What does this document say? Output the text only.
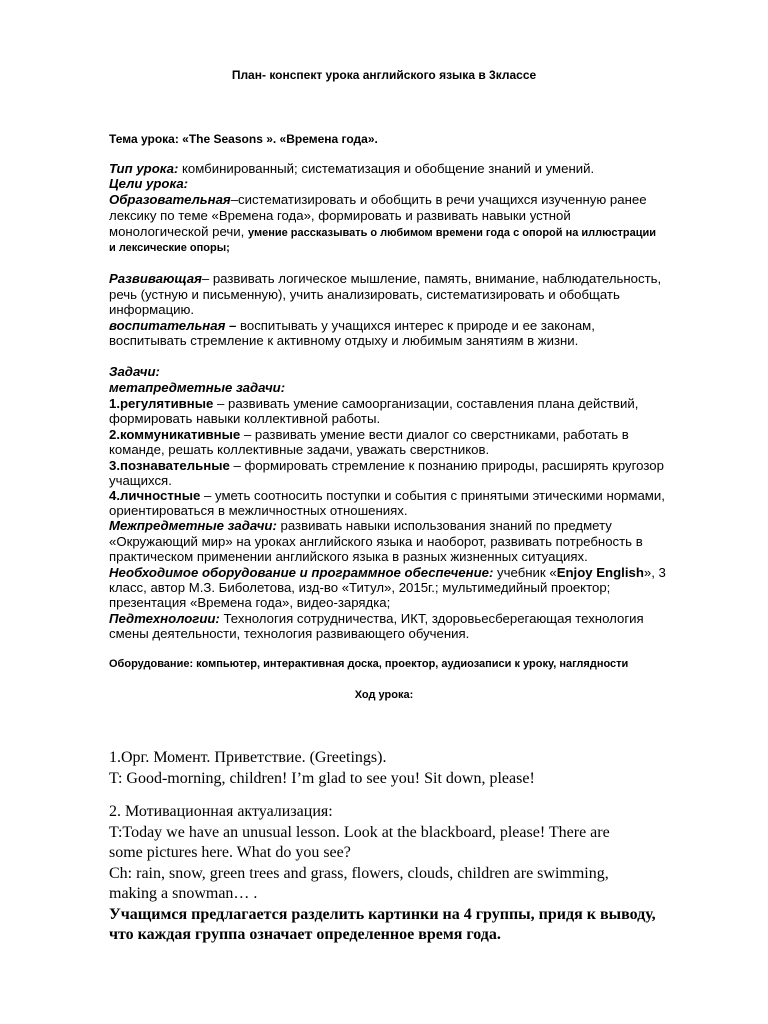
План- конспект урока английского языка в 3классе
Тема урока: «The Seasons ». «Времена года».
Тип урока: комбинированный; систематизация и обобщение знаний и умений.
Цели урока:
Образовательная–систематизировать и обобщить в речи учащихся изученную ранее
лексику по теме «Времена года», формировать и развивать навыки устной
монологической речи, умение рассказывать о любимом времени года с опорой на иллюстрации
и лексические опоры;
Развивающая– развивать логическое мышление, память, внимание, наблюдательность,
речь (устную и письменную), учить анализировать, систематизировать и обобщать
информацию.
воспитательная – воспитывать у учащихся интерес к природе и ее законам,
воспитывать стремление к активному отдыху и любимым занятиям в жизни.
Задачи:
метапредметные задачи:
1.регулятивные – развивать умение самоорганизации, составления плана действий,
формировать навыки коллективной работы.
2.коммуникативные – развивать умение вести диалог со сверстниками, работать в
команде, решать коллективные задачи, уважать сверстников.
3.познавательные – формировать стремление к познанию природы, расширять кругозор
учащихся.
4.личностные – уметь соотносить поступки и события с принятыми этическими нормами,
ориентироваться в межличностных отношениях.
Межпредметные задачи: развивать навыки использования знаний по предмету
«Окружающий мир» на уроках английского языка и наоборот, развивать потребность в
практическом применении английского языка в разных жизненных ситуациях.
Необходимое оборудование и программное обеспечение: учебник «Enjoy English», 3
класс, автор М.З. Биболетова, изд-во «Титул», 2015г.; мультимедийный проектор;
презентация «Времена года», видео-зарядка;
Педтехнологии: Технология сотрудничества, ИКТ, здоровьесберегающая технология
смены деятельности, технология развивающего обучения.
Оборудование: компьютер, интерактивная доска, проектор, аудиозаписи к уроку, наглядности
Ход урока:
1.Орг. Момент. Приветствие. (Greetings).
T: Good-morning, children! I’m glad to see you! Sit down, please!
2. Мотивационная актуализация:
T:Today we have an unusual lesson. Look at the blackboard, please! There are
some pictures here. What do you see?
Ch: rain, snow, green trees and grass, flowers, clouds, children are swimming,
making a snowman… .
Учащимся предлагается разделить картинки на 4 группы, придя к выводу,
что каждая группа означает определенное время года.
